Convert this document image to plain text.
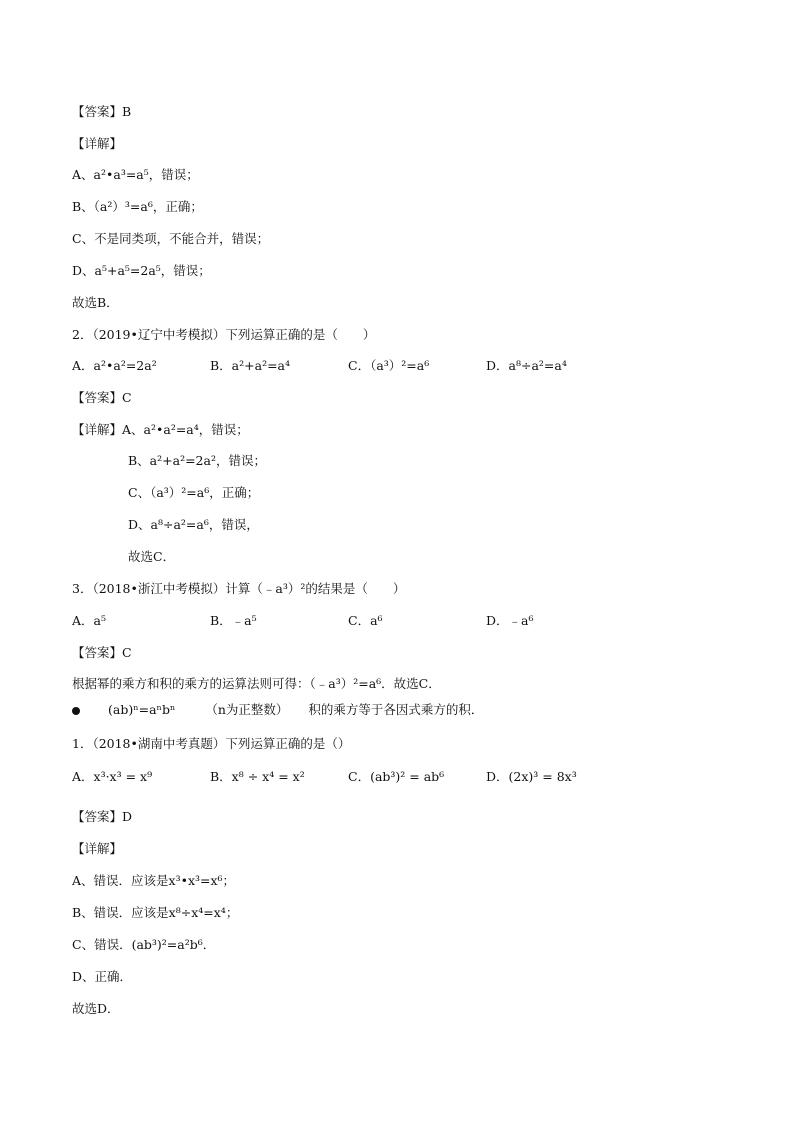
【答案】B
【详解】
A、a²•a³=a⁵，错误；
B、（a²）³=a⁶，正确；
C、不是同类项，不能合并，错误；
D、a⁵+a⁵=2a⁵，错误；
故选B．
2．（2019•辽宁中考模拟）下列运算正确的是（　　）
A．a²•a²=2a²	B．a²+a²=a⁴	C．（a³）²=a⁶	D．a⁸÷a²=a⁴
【答案】C
【详解】A、a²•a²=a⁴，错误；
B、a²+a²=2a²，错误；
C、（a³）²=a⁶，正确；
D、a⁸÷a²=a⁶，错误，
故选C．
3．（2018•浙江中考模拟）计算（﹣a³）²的结果是（　　）
A．a⁵	B．﹣a⁵	C．a⁶	D．﹣a⁶
【答案】C
根据幂的乘方和积的乘方的运算法则可得：（﹣a³）²=a⁶．故选C．
(ab)ⁿ=aⁿbⁿ （n为正整数） 积的乘方等于各因式乘方的积．
1．（2018•湖南中考真题）下列运算正确的是（）
A．x³·x³ = x⁹	B．x⁸ ÷ x⁴ = x²	C．(ab³)² = ab⁶	D．(2x)³ = 8x³
【答案】D
【详解】
A、错误．应该是x³•x³=x⁶；
B、错误．应该是x⁸÷x⁴=x⁴；
C、错误．(ab³)²=a²b⁶．
D、正确．
故选D．
